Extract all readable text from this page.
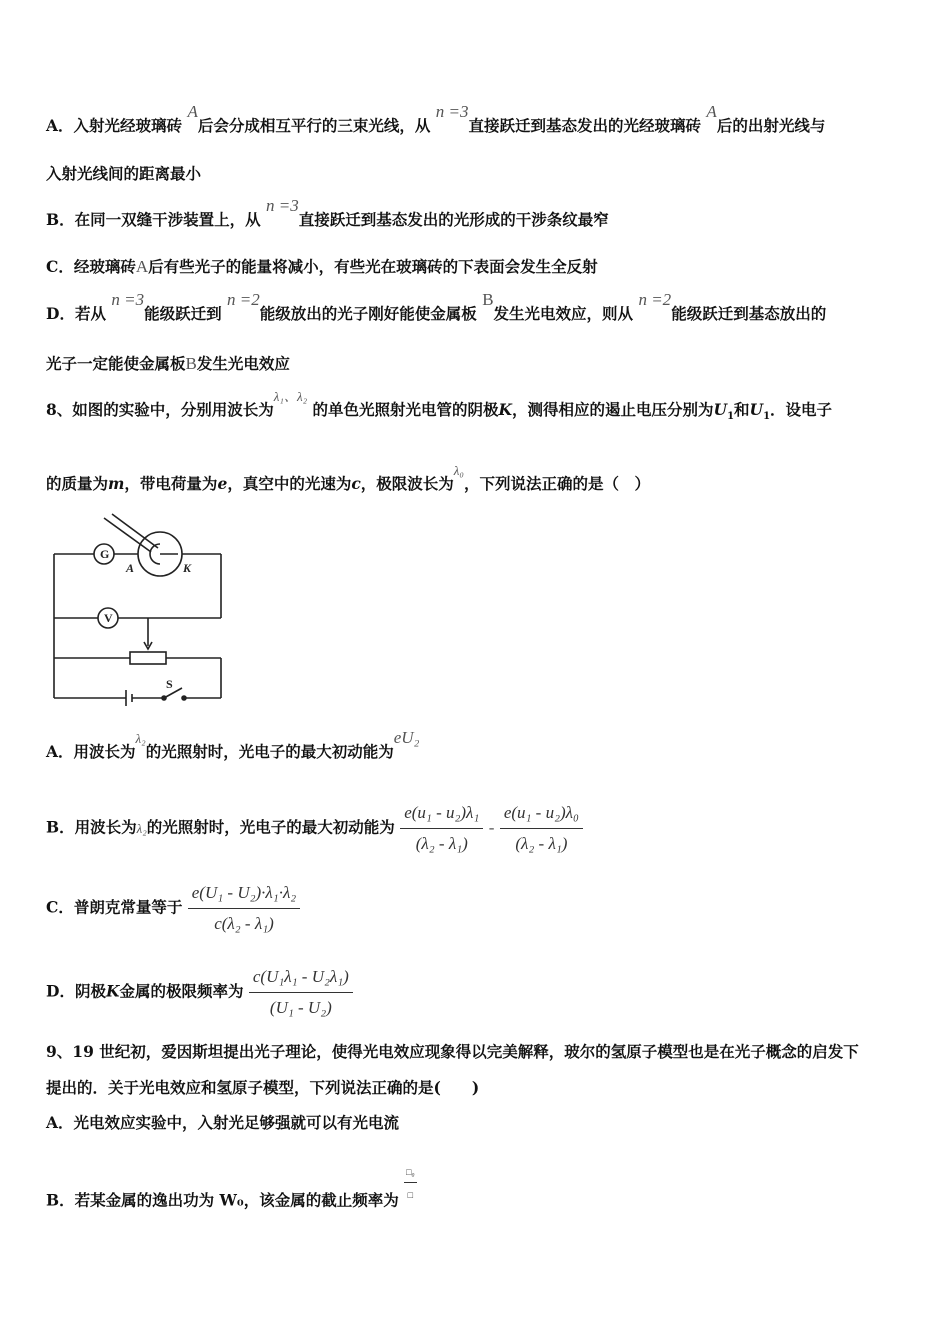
A．入射光经玻璃砖 A后会分成相互平行的三束光线，从 n =3直接跃迁到基态发出的光经玻璃砖 A后的出射光线与
入射光线间的距离最小
B．在同一双缝干涉装置上，从 n =3直接跃迁到基态发出的光形成的干涉条纹最窄
C．经玻璃砖A后有些光子的能量将减小，有些光在玻璃砖的下表面会发生全反射
D．若从 n =3能级跃迁到 n =2能级放出的光子刚好能使金属板 B发生光电效应，则从 n =2能级跃迁到基态放出的
光子一定能使金属板B发生光电效应
8、如图的实验中，分别用波长为$^{\lambda_1、\lambda_2}$ 的单色光照射光电管的阴极K，测得相应的遏止电压分别为$U_1$和$U_1$．设电子
的质量为m，带电荷量为e，真空中的光速为c，极限波长为$^{\lambda_0}$，下列说法正确的是（　）
G
V
A	K
S
A．用波长为$^{\lambda_2}$的光照射时，光电子的最大初动能为eU₂
B．用波长为λ₂的光照射时，光电子的最大初动能为 $\frac{\text{e(u₁ - u₂)λ₁}}{\text{(λ₂ - λ₁)}} - \frac{\text{e(u₁ - u₂)λ₀}}{\text{(λ₂ - λ₁)}}$
C．普朗克常量等于 $\frac{\text{e(U₁ - U₂)·λ₁·λ₂}}{\text{c(λ₂ - λ₁)}}$
D．阴极K金属的极限频率为 $\frac{\text{c(U₁λ₁ - U₂λ₁)}}{\text{(U₁ - U₂)}}$
9、19 世纪初，爱因斯坦提出光子理论，使得光电效应现象得以完美解释，玻尔的氢原子模型也是在光子概念的启发下
提出的．关于光电效应和氢原子模型，下列说法正确的是(　　)
A．光电效应实验中，入射光足够强就可以有光电流
B．若某金属的逸出功为 W₀，该金属的截止频率为 $\frac{\text{□₀}}{□}$
